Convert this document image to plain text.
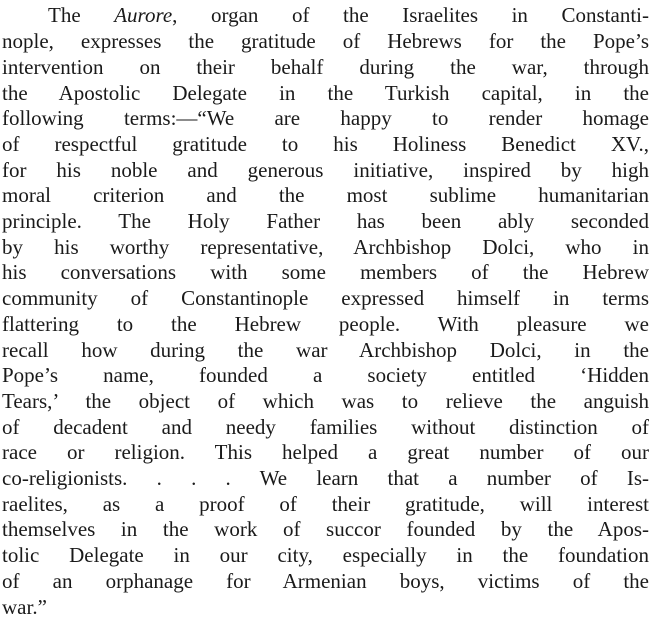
The Aurore, organ of the Israelites in Constanti-
nople, expresses the gratitude of Hebrews for the Pope’s
intervention on their behalf during the war, through
the Apostolic Delegate in the Turkish capital, in the
following terms:—“We are happy to render homage
of respectful gratitude to his Holiness Benedict XV.,
for his noble and generous initiative, inspired by high
moral criterion and the most sublime humanitarian
principle. The Holy Father has been ably seconded
by his worthy representative, Archbishop Dolci, who in
his conversations with some members of the Hebrew
community of Constantinople expressed himself in terms
flattering to the Hebrew people. With pleasure we
recall how during the war Archbishop Dolci, in the
Pope’s name, founded a society entitled ‘Hidden
Tears,’ the object of which was to relieve the anguish
of decadent and needy families without distinction of
race or religion. This helped a great number of our
co-religionists. . . . We learn that a number of Is-
raelites, as a proof of their gratitude, will interest
themselves in the work of succor founded by the Apos-
tolic Delegate in our city, especially in the foundation
of an orphanage for Armenian boys, victims of the
war.”
